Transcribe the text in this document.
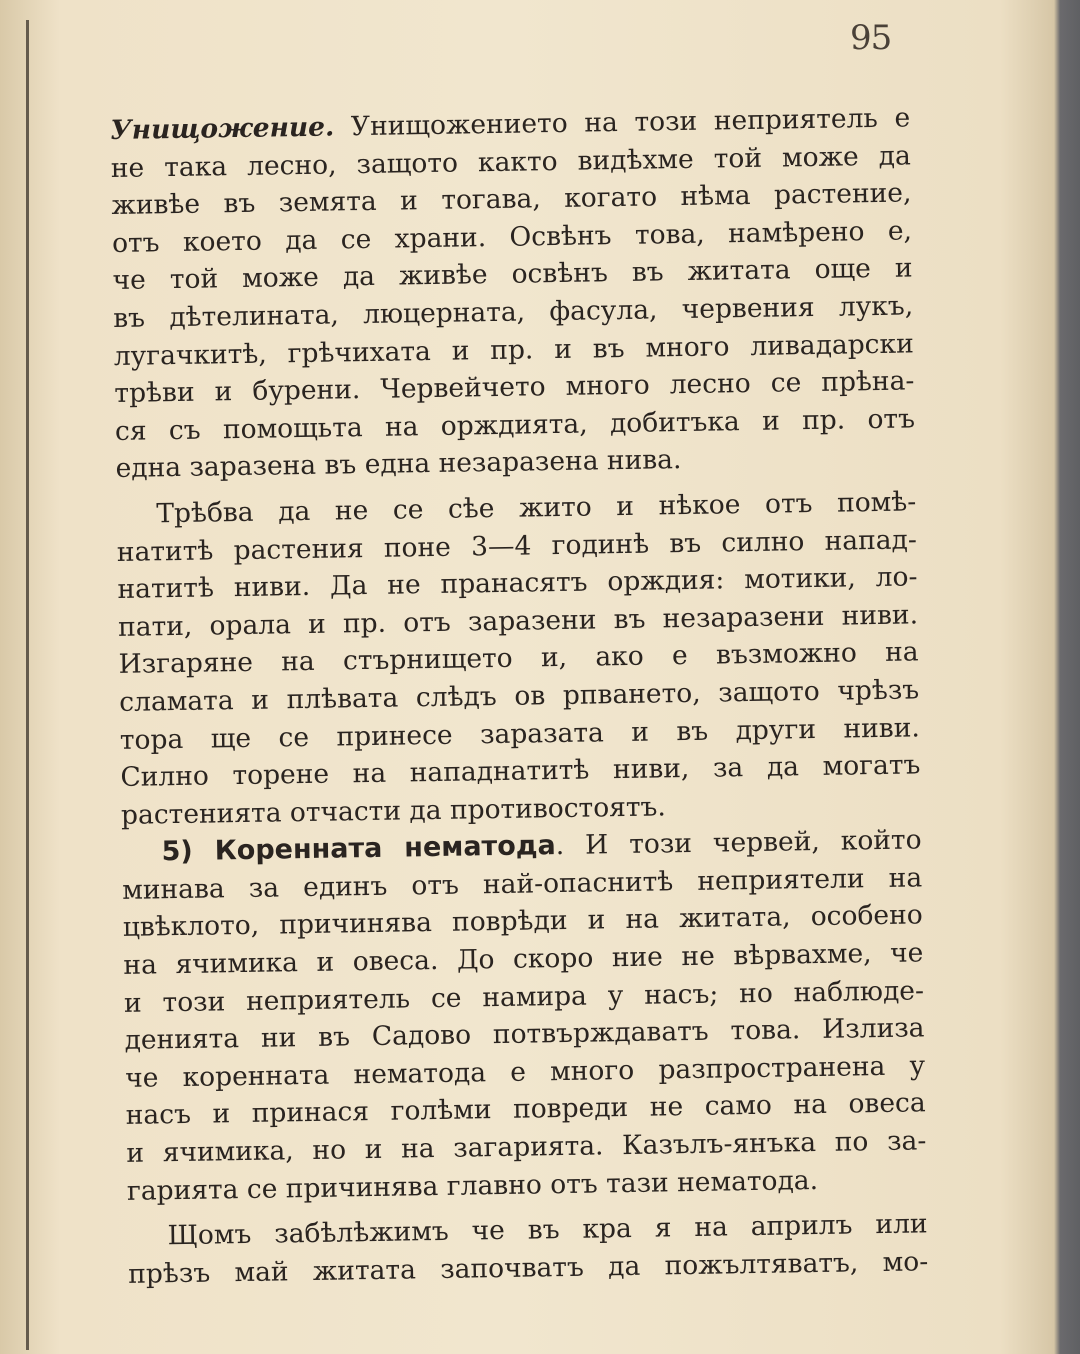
95
Унищожение. Унищожението на този неприятель е
не така лесно, защото както видѣхме той може да
живѣе въ земята и тогава, когато нѣма растение,
отъ което да се храни. Освѣнъ това, намѣрено е,
че той може да живѣе освѣнъ въ житата още и
въ дѣтелината, люцерната, фасула, червения лукъ,
лугачкитѣ, грѣчихата и пр. и въ много ливадарски
трѣви и бурени. Червейчето много лесно се прѣна-
ся съ помощьта на орждията, добитъка и пр. отъ
една заразена въ една незаразена нива.
Трѣбва да не се сѣе жито и нѣкое отъ помѣ-
натитѣ растения поне 3—4 годинѣ въ силно напад-
натитѣ ниви. Да не пранасятъ орждия: мотики, ло-
пати, орала и пр. отъ заразени въ незаразени ниви.
Изгаряне на стърнището и, ако е възможно на
сламата и плѣвата слѣдъ ов рпването, защото чрѣзъ
тора ще се принесе заразата и въ други ниви.
Силно торене на нападнатитѣ ниви, за да могатъ
растенията отчасти да противостоятъ.
5) Коренната нематода. И този червей, който
минава за единъ отъ най-опаснитѣ неприятели на
цвѣклото, причинява поврѣди и на житата, особено
на ячимика и овеса. До скоро ние не вѣрвахме, че
и този неприятель се намира у насъ; но наблюде-
денията ни въ Садово потвърждаватъ това. Излиза
че коренната нематода е много разпространена у
насъ и принася голѣми повреди не само на овеса
и ячимика, но и на загарията. Казълъ-янъка по за-
гарията се причинява главно отъ тази нематода.
Щомъ забѣлѣжимъ че въ кра я на априлъ или
прѣзъ май житата започватъ да пожълтяватъ, мо-
